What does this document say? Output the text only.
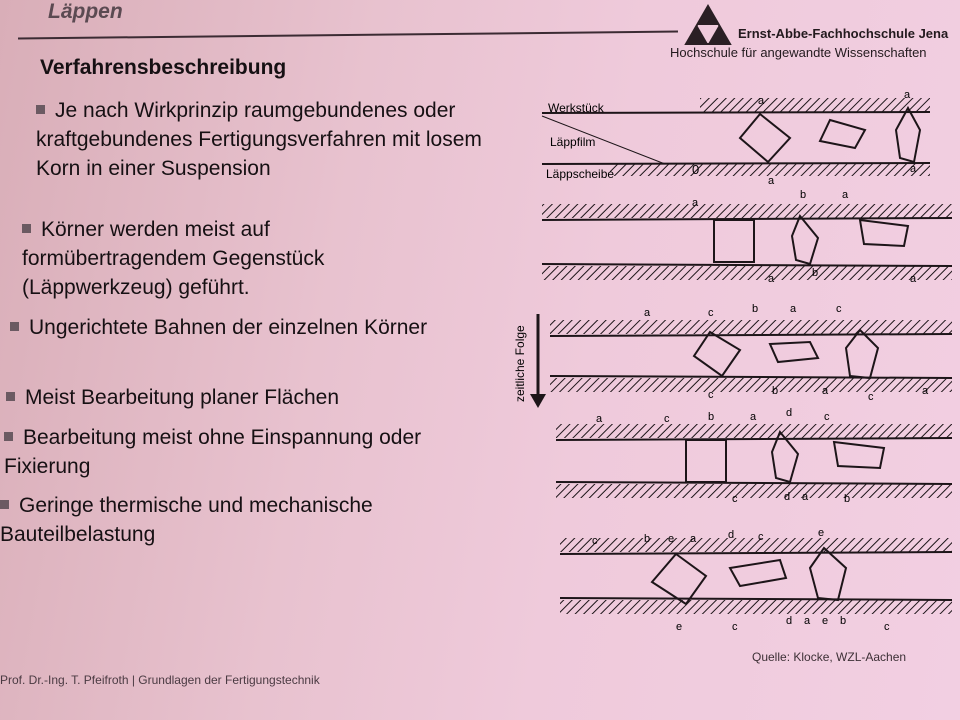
Läppen
Ernst-Abbe-Fachhochschule Jena
Hochschule für angewandte Wissenschaften
Verfahrensbeschreibung
Je nach Wirkprinzip raumgebundenes oder kraftgebundenes Fertigungsverfahren mit losem Korn in einer Suspension
Körner werden meist auf formübertragendem Gegenstück (Läppwerkzeug) geführt.
Ungerichtete Bahnen der einzelnen Körner
Meist Bearbeitung planer Flächen
Bearbeitung meist ohne Einspannung oder Fixierung
Geringe thermische und mechanische Bauteilbelastung
Werkstück
Läppfilm
Läppscheibe	0
a	a
a
a
a
b	a
a	b	a
zeitliche Folge
a	c	b	a	c
c	b	a	c	a
a	c	b	a	d	c
c	d a	b
c	b e a	d c	e
e	c	d a e b	c
Quelle: Klocke, WZL-Aachen
Prof. Dr.-Ing. T. Pfeifroth | Grundlagen der Fertigungstechnik
